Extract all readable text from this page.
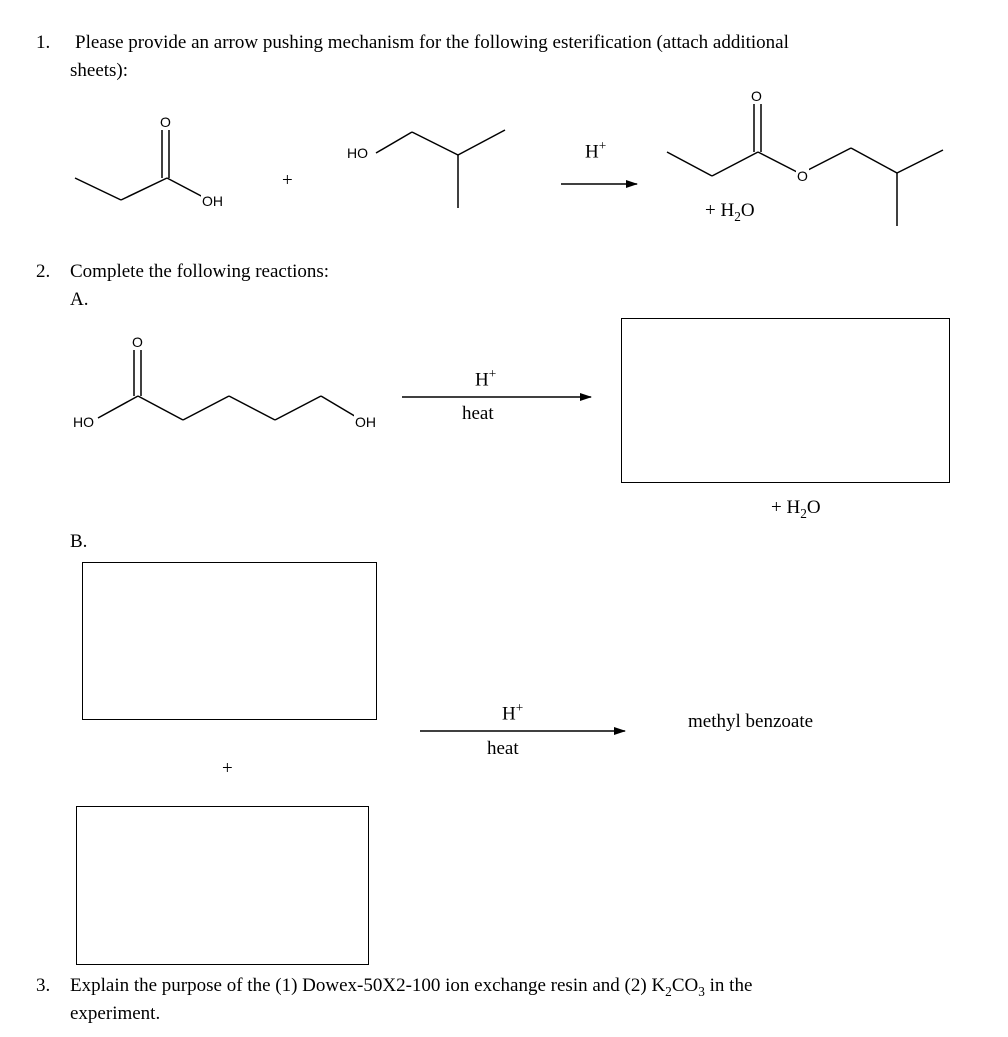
1. Please provide an arrow pushing mechanism for the following esterification (attach additional
sheets):
O
OH
+
HO	H+
O
O
+ $H_2O$
2. Complete the following reactions:
A.
O
HO	OH
H+
heat
+ $H_2O$
B.
+
H+
heat
methyl benzoate
3. Explain the purpose of the (1) Dowex-50X2-100 ion exchange resin and (2) $K_2CO_3$ in the
experiment.
